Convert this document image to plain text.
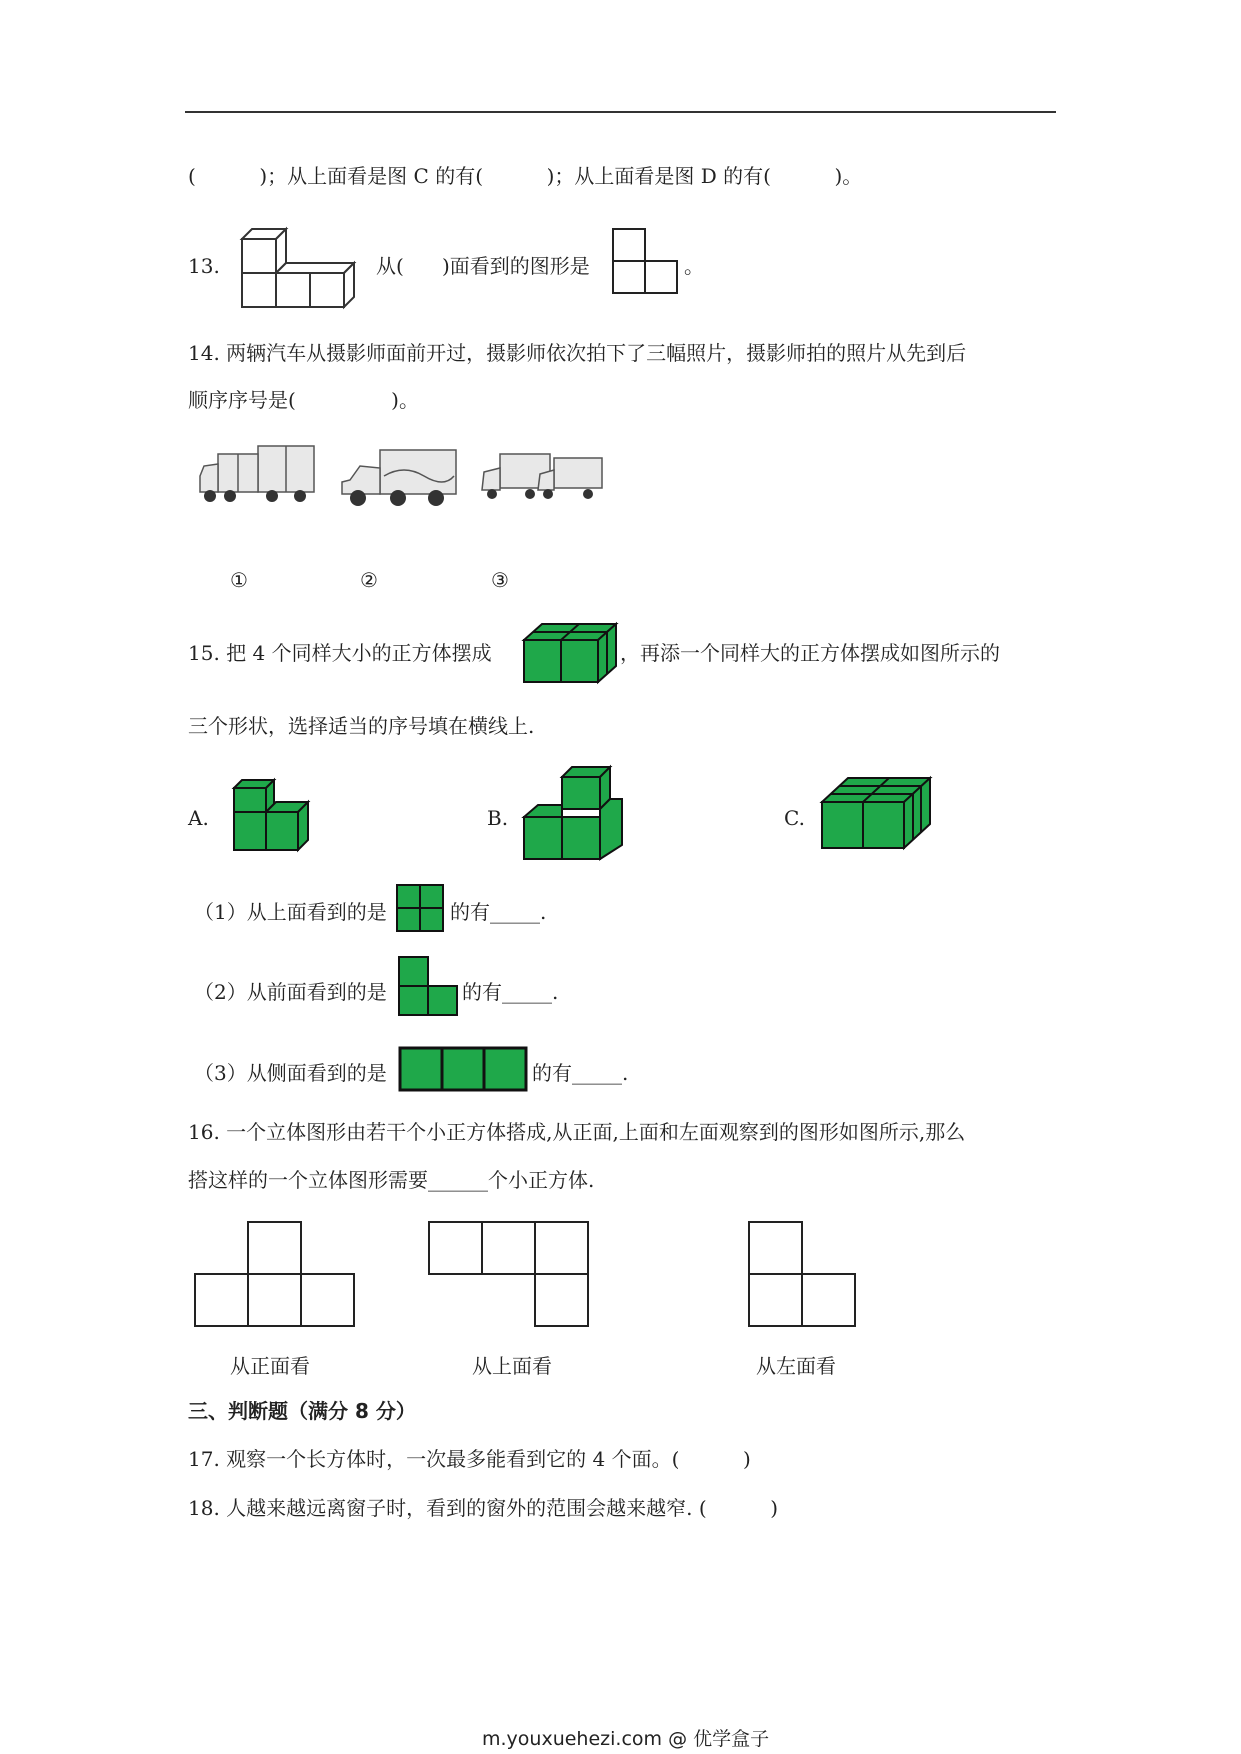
(          )；从上面看是图 C 的有(          )；从上面看是图 D 的有(          )。
13.	从(      )面看到的图形是	。
14. 两辆汽车从摄影师面前开过，摄影师依次拍下了三幅照片，摄影师拍的照片从先到后
顺序序号是(               )。
①	②	③
15. 把 4 个同样大小的正方体摆成	，再添一个同样大的正方体摆成如图所示的
三个形状，选择适当的序号填在横线上.
A.	B.	C.
（1）从上面看到的是	的有_____.
（2）从前面看到的是	的有_____.
（3）从侧面看到的是	的有_____.
16. 一个立体图形由若干个小正方体搭成,从正面,上面和左面观察到的图形如图所示,那么
搭这样的一个立体图形需要______个小正方体.
从正面看	从上面看	从左面看
三、判断题（满分 8 分）
17. 观察一个长方体时，一次最多能看到它的 4 个面。(          )
18. 人越来越远离窗子时，看到的窗外的范围会越来越窄. (          )
m.youxuehezi.com @ 优学盒子
